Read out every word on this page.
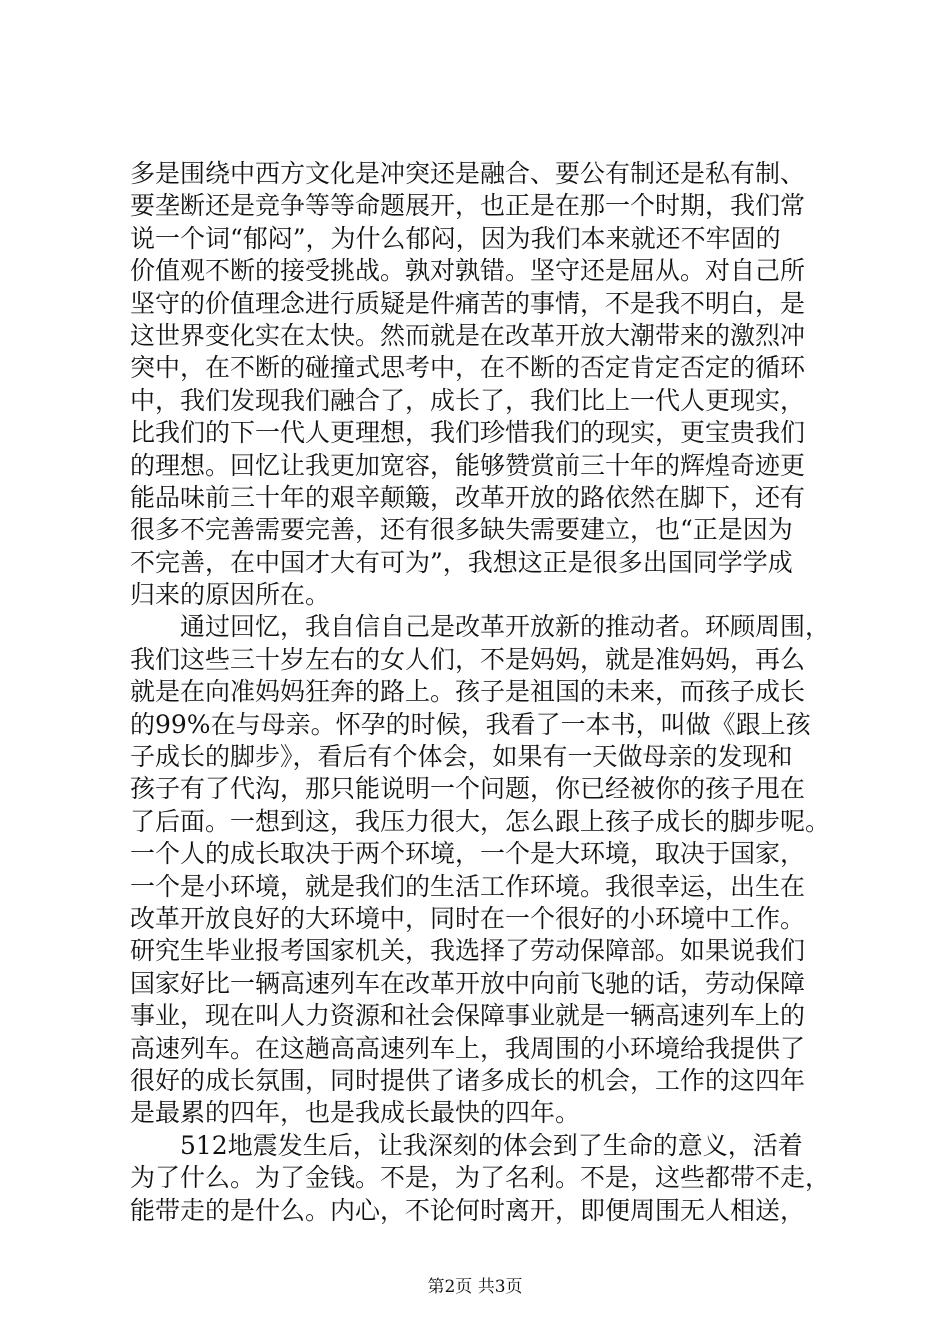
多是围绕中西方文化是冲突还是融合、要公有制还是私有制、
要垄断还是竞争等等命题展开，也正是在那一个时期，我们常
说一个词“郁闷”，为什么郁闷，因为我们本来就还不牢固的
价值观不断的接受挑战。孰对孰错。坚守还是屈从。对自己所
坚守的价值理念进行质疑是件痛苦的事情，不是我不明白，是
这世界变化实在太快。然而就是在改革开放大潮带来的激烈冲
突中，在不断的碰撞式思考中，在不断的否定肯定否定的循环
中，我们发现我们融合了，成长了，我们比上一代人更现实，
比我们的下一代人更理想，我们珍惜我们的现实，更宝贵我们
的理想。回忆让我更加宽容，能够赞赏前三十年的辉煌奇迹更
能品味前三十年的艰辛颠簸，改革开放的路依然在脚下，还有
很多不完善需要完善，还有很多缺失需要建立，也“正是因为
不完善，在中国才大有可为”，我想这正是很多出国同学学成
归来的原因所在。
通过回忆，我自信自己是改革开放新的推动者。环顾周围，
我们这些三十岁左右的女人们，不是妈妈，就是准妈妈，再么
就是在向准妈妈狂奔的路上。孩子是祖国的未来，而孩子成长
的99%在与母亲。怀孕的时候，我看了一本书，叫做《跟上孩
子成长的脚步》，看后有个体会，如果有一天做母亲的发现和
孩子有了代沟，那只能说明一个问题，你已经被你的孩子甩在
了后面。一想到这，我压力很大，怎么跟上孩子成长的脚步呢。
一个人的成长取决于两个环境，一个是大环境，取决于国家，
一个是小环境，就是我们的生活工作环境。我很幸运，出生在
改革开放良好的大环境中，同时在一个很好的小环境中工作。
研究生毕业报考国家机关，我选择了劳动保障部。如果说我们
国家好比一辆高速列车在改革开放中向前飞驰的话，劳动保障
事业，现在叫人力资源和社会保障事业就是一辆高速列车上的
高速列车。在这趟高高速列车上，我周围的小环境给我提供了
很好的成长氛围，同时提供了诸多成长的机会，工作的这四年
是最累的四年，也是我成长最快的四年。
512地震发生后，让我深刻的体会到了生命的意义，活着
为了什么。为了金钱。不是，为了名利。不是，这些都带不走，
能带走的是什么。内心，不论何时离开，即便周围无人相送，
第2页 共3页
